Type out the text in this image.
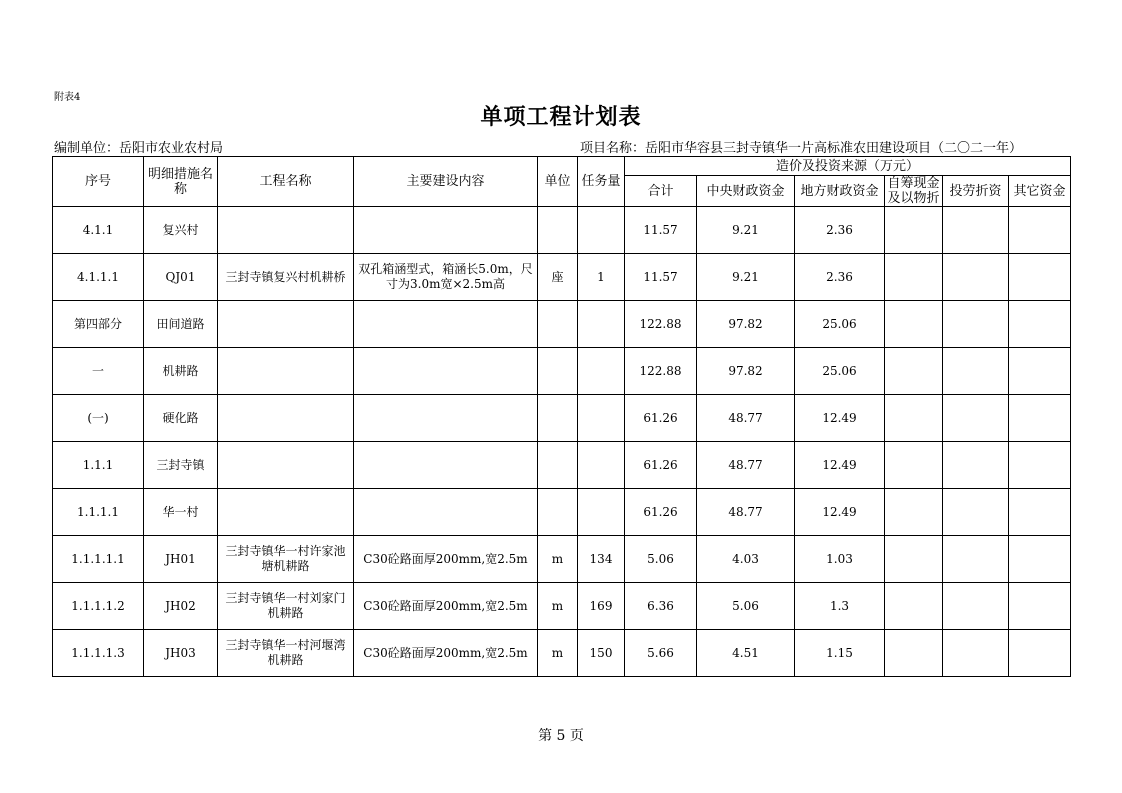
附表4
单项工程计划表
编制单位：岳阳市农业农村局	项目名称：岳阳市华容县三封寺镇华一片高标准农田建设项目（二〇二一年）
序号	明细措施名称	工程名称	主要建设内容	单位	任务量	造价及投资来源（万元）					
						合计	中央财政资金	地方财政资金	自筹现金及以物折	投劳折资	其它资金
4.1.1	复兴村					11.57	9.21	2.36			
4.1.1.1	QJ01	三封寺镇复兴村机耕桥	双孔箱涵型式，箱涵长5.0m，尺寸为3.0m宽×2.5m高	座	1	11.57	9.21	2.36			
第四部分	田间道路					122.88	97.82	25.06			
一	机耕路					122.88	97.82	25.06			
(一)	硬化路					61.26	48.77	12.49			
1.1.1	三封寺镇					61.26	48.77	12.49			
1.1.1.1	华一村					61.26	48.77	12.49			
1.1.1.1.1	JH01	三封寺镇华一村许家池塘机耕路	C30砼路面厚200mm,宽2.5m	m	134	5.06	4.03	1.03			
1.1.1.1.2	JH02	三封寺镇华一村刘家门机耕路	C30砼路面厚200mm,宽2.5m	m	169	6.36	5.06	1.3			
1.1.1.1.3	JH03	三封寺镇华一村河堰湾机耕路	C30砼路面厚200mm,宽2.5m	m	150	5.66	4.51	1.15			
第 5 页
